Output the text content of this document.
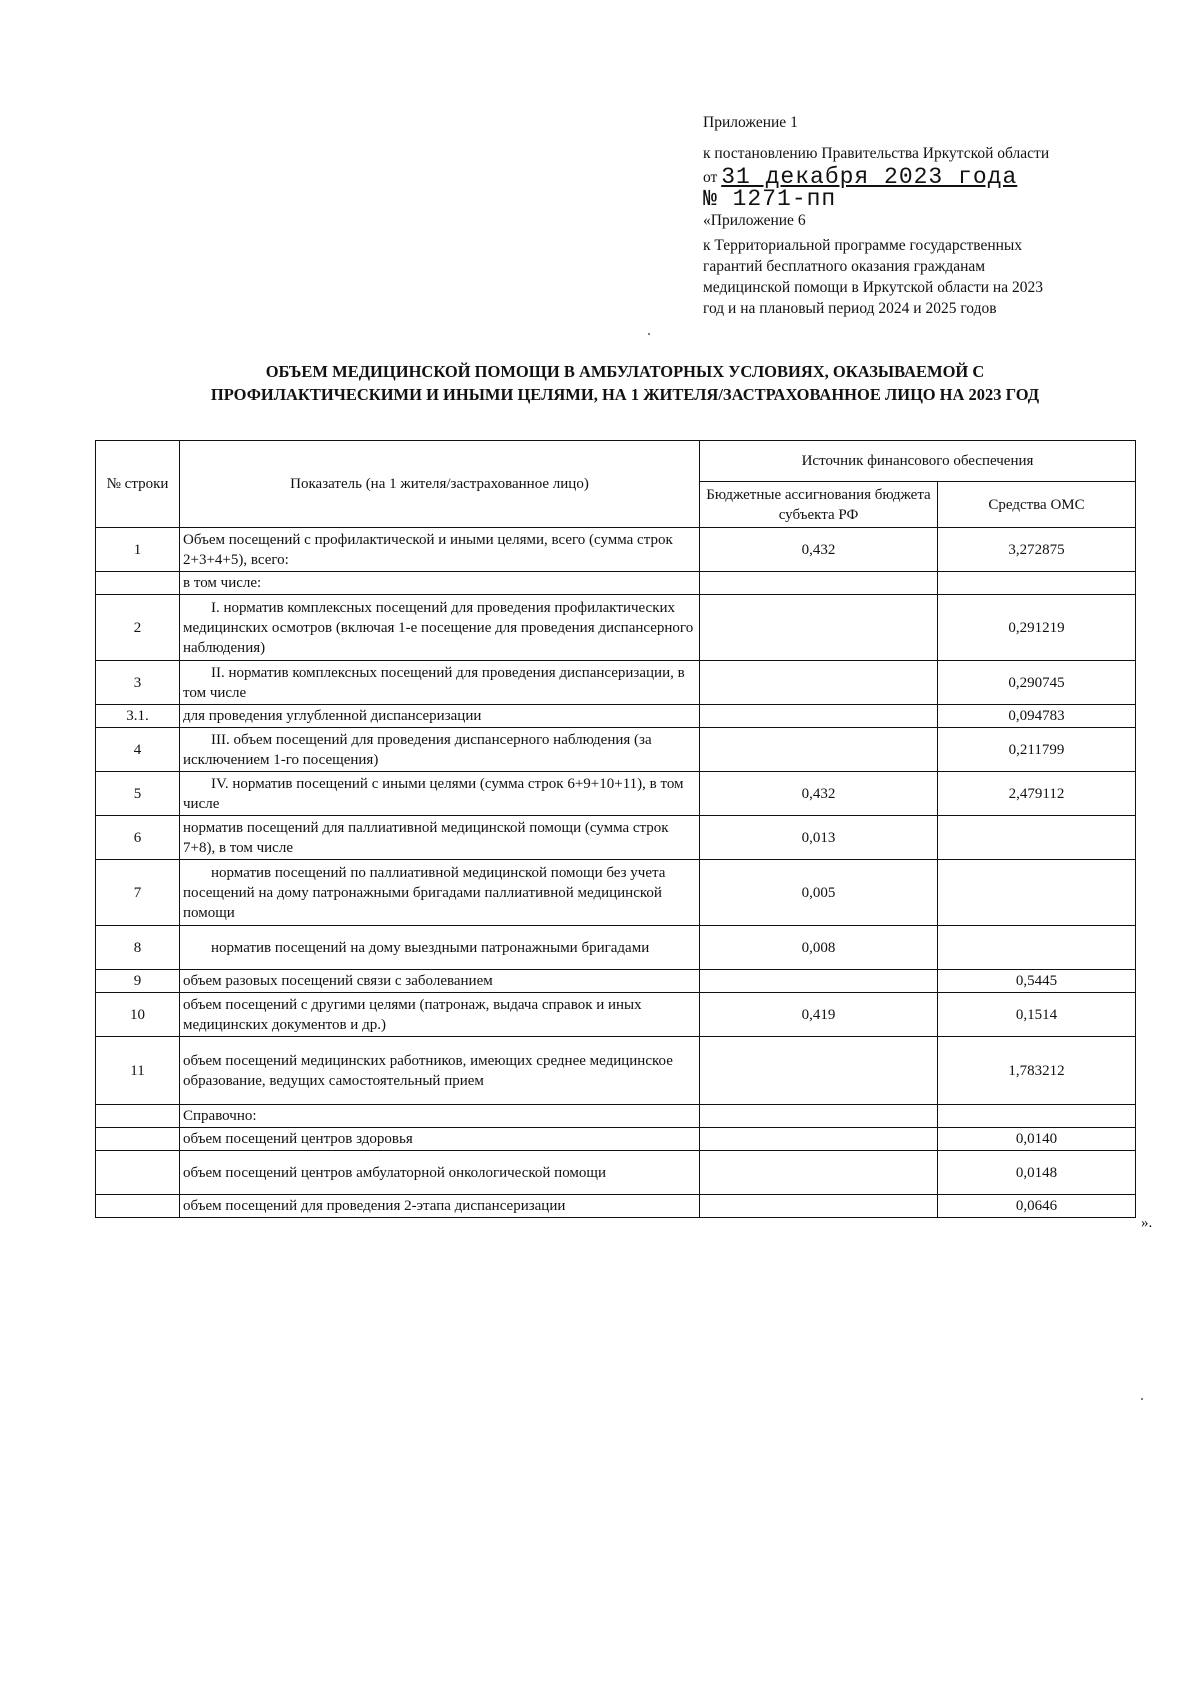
Приложение 1
к постановлению Правительства Иркутской области
от
31 декабря 2023 года
№ 1271-пп
«Приложение 6
к Территориальной программе государственных
гарантий бесплатного оказания гражданам
медицинской помощи в Иркутской области на 2023
год и на плановый период 2024 и 2025 годов
ОБЪЕМ МЕДИЦИНСКОЙ ПОМОЩИ В АМБУЛАТОРНЫХ УСЛОВИЯХ, ОКАЗЫВАЕМОЙ С
ПРОФИЛАКТИЧЕСКИМИ И ИНЫМИ ЦЕЛЯМИ, НА 1 ЖИТЕЛЯ/ЗАСТРАХОВАННОЕ ЛИЦО НА 2023 ГОД
№ строки	Показатель (на 1 жителя/застрахованное лицо)	Источник финансового обеспечения	
		Бюджетные ассигнования бюджета субъекта РФ	Средства ОМС
1	Объем посещений с профилактической и иными целями, всего (сумма строк 2+3+4+5), всего:	0,432	3,272875
	в том числе:		
2	I. норматив комплексных посещений для проведения профилактических медицинских осмотров (включая 1-е посещение для проведения диспансерного наблюдения)		0,291219
3	II. норматив комплексных посещений для проведения диспансеризации, в том числе		0,290745
3.1.	для проведения углубленной диспансеризации		0,094783
4	III. объем посещений для проведения диспансерного наблюдения (за исключением 1-го посещения)		0,211799
5	IV. норматив посещений с иными целями (сумма строк 6+9+10+11), в том числе	0,432	2,479112
6	норматив посещений для паллиативной медицинской помощи (сумма строк 7+8), в том числе	0,013	
7	норматив посещений по паллиативной медицинской помощи без учета посещений на дому патронажными бригадами паллиативной медицинской помощи	0,005	
8	норматив посещений на дому выездными патронажными бригадами	0,008	
9	объем разовых посещений связи с заболеванием		0,5445
10	объем посещений с другими целями (патронаж, выдача справок и иных медицинских документов и др.)	0,419	0,1514
11	объем посещений медицинских работников, имеющих среднее медицинское образование, ведущих самостоятельный прием		1,783212
	Справочно:		
	объем посещений центров здоровья		0,0140
	объем посещений центров амбулаторной онкологической помощи		0,0148
	объем посещений для проведения 2-этапа диспансеризации		0,0646
».
